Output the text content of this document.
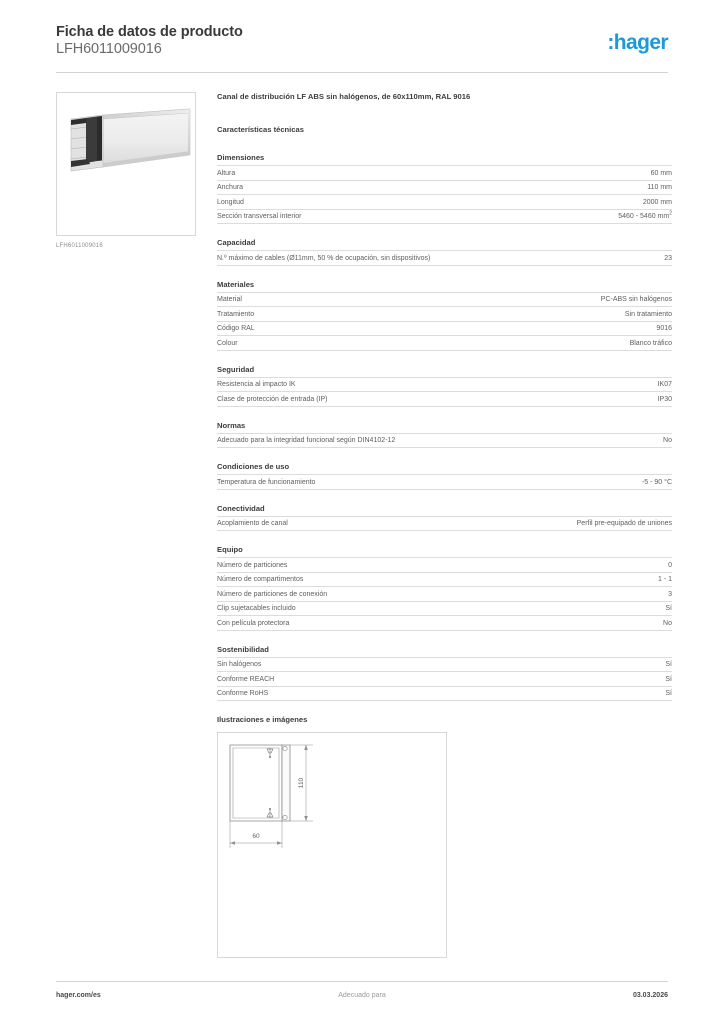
Ficha de datos de producto
LFH6011009016	:hager
LFH6011009016
Canal de distribución LF ABS sin halógenos, de 60x110mm, RAL 9016
Características técnicas
Dimensiones
Altura	60 mm
Anchura	110 mm
Longitud	2000 mm
Sección transversal interior	5460 - 5460 $mm^2$
Capacidad
N.º máximo de cables (Ø11mm, 50 % de ocupación, sin dispositivos)	23
Materiales
Material	PC-ABS sin halógenos
Tratamiento	Sin tratamiento
Código RAL	9016
Colour	Blanco tráfico
Seguridad
Resistencia al impacto IK	IK07
Clase de protección de entrada (IP)	IP30
Normas
Adecuado para la integridad funcional según DIN4102-12	No
Condiciones de uso
Temperatura de funcionamiento	-5 - 90 °C
Conectividad
Acoplamiento de canal	Perfil pre-equipado de uniones
Equipo
Número de particiones	0
Número de compartimentos	1 - 1
Número de particiones de conexión	3
Clip sujetacables incluido	Sí
Con película protectora	No
Sostenibilidad
Sin halógenos	Sí
Conforme REACH	Sí
Conforme RoHS	Sí
Ilustraciones e imágenes
110
60
hager.com/es	Adecuado para	03.03.2026
